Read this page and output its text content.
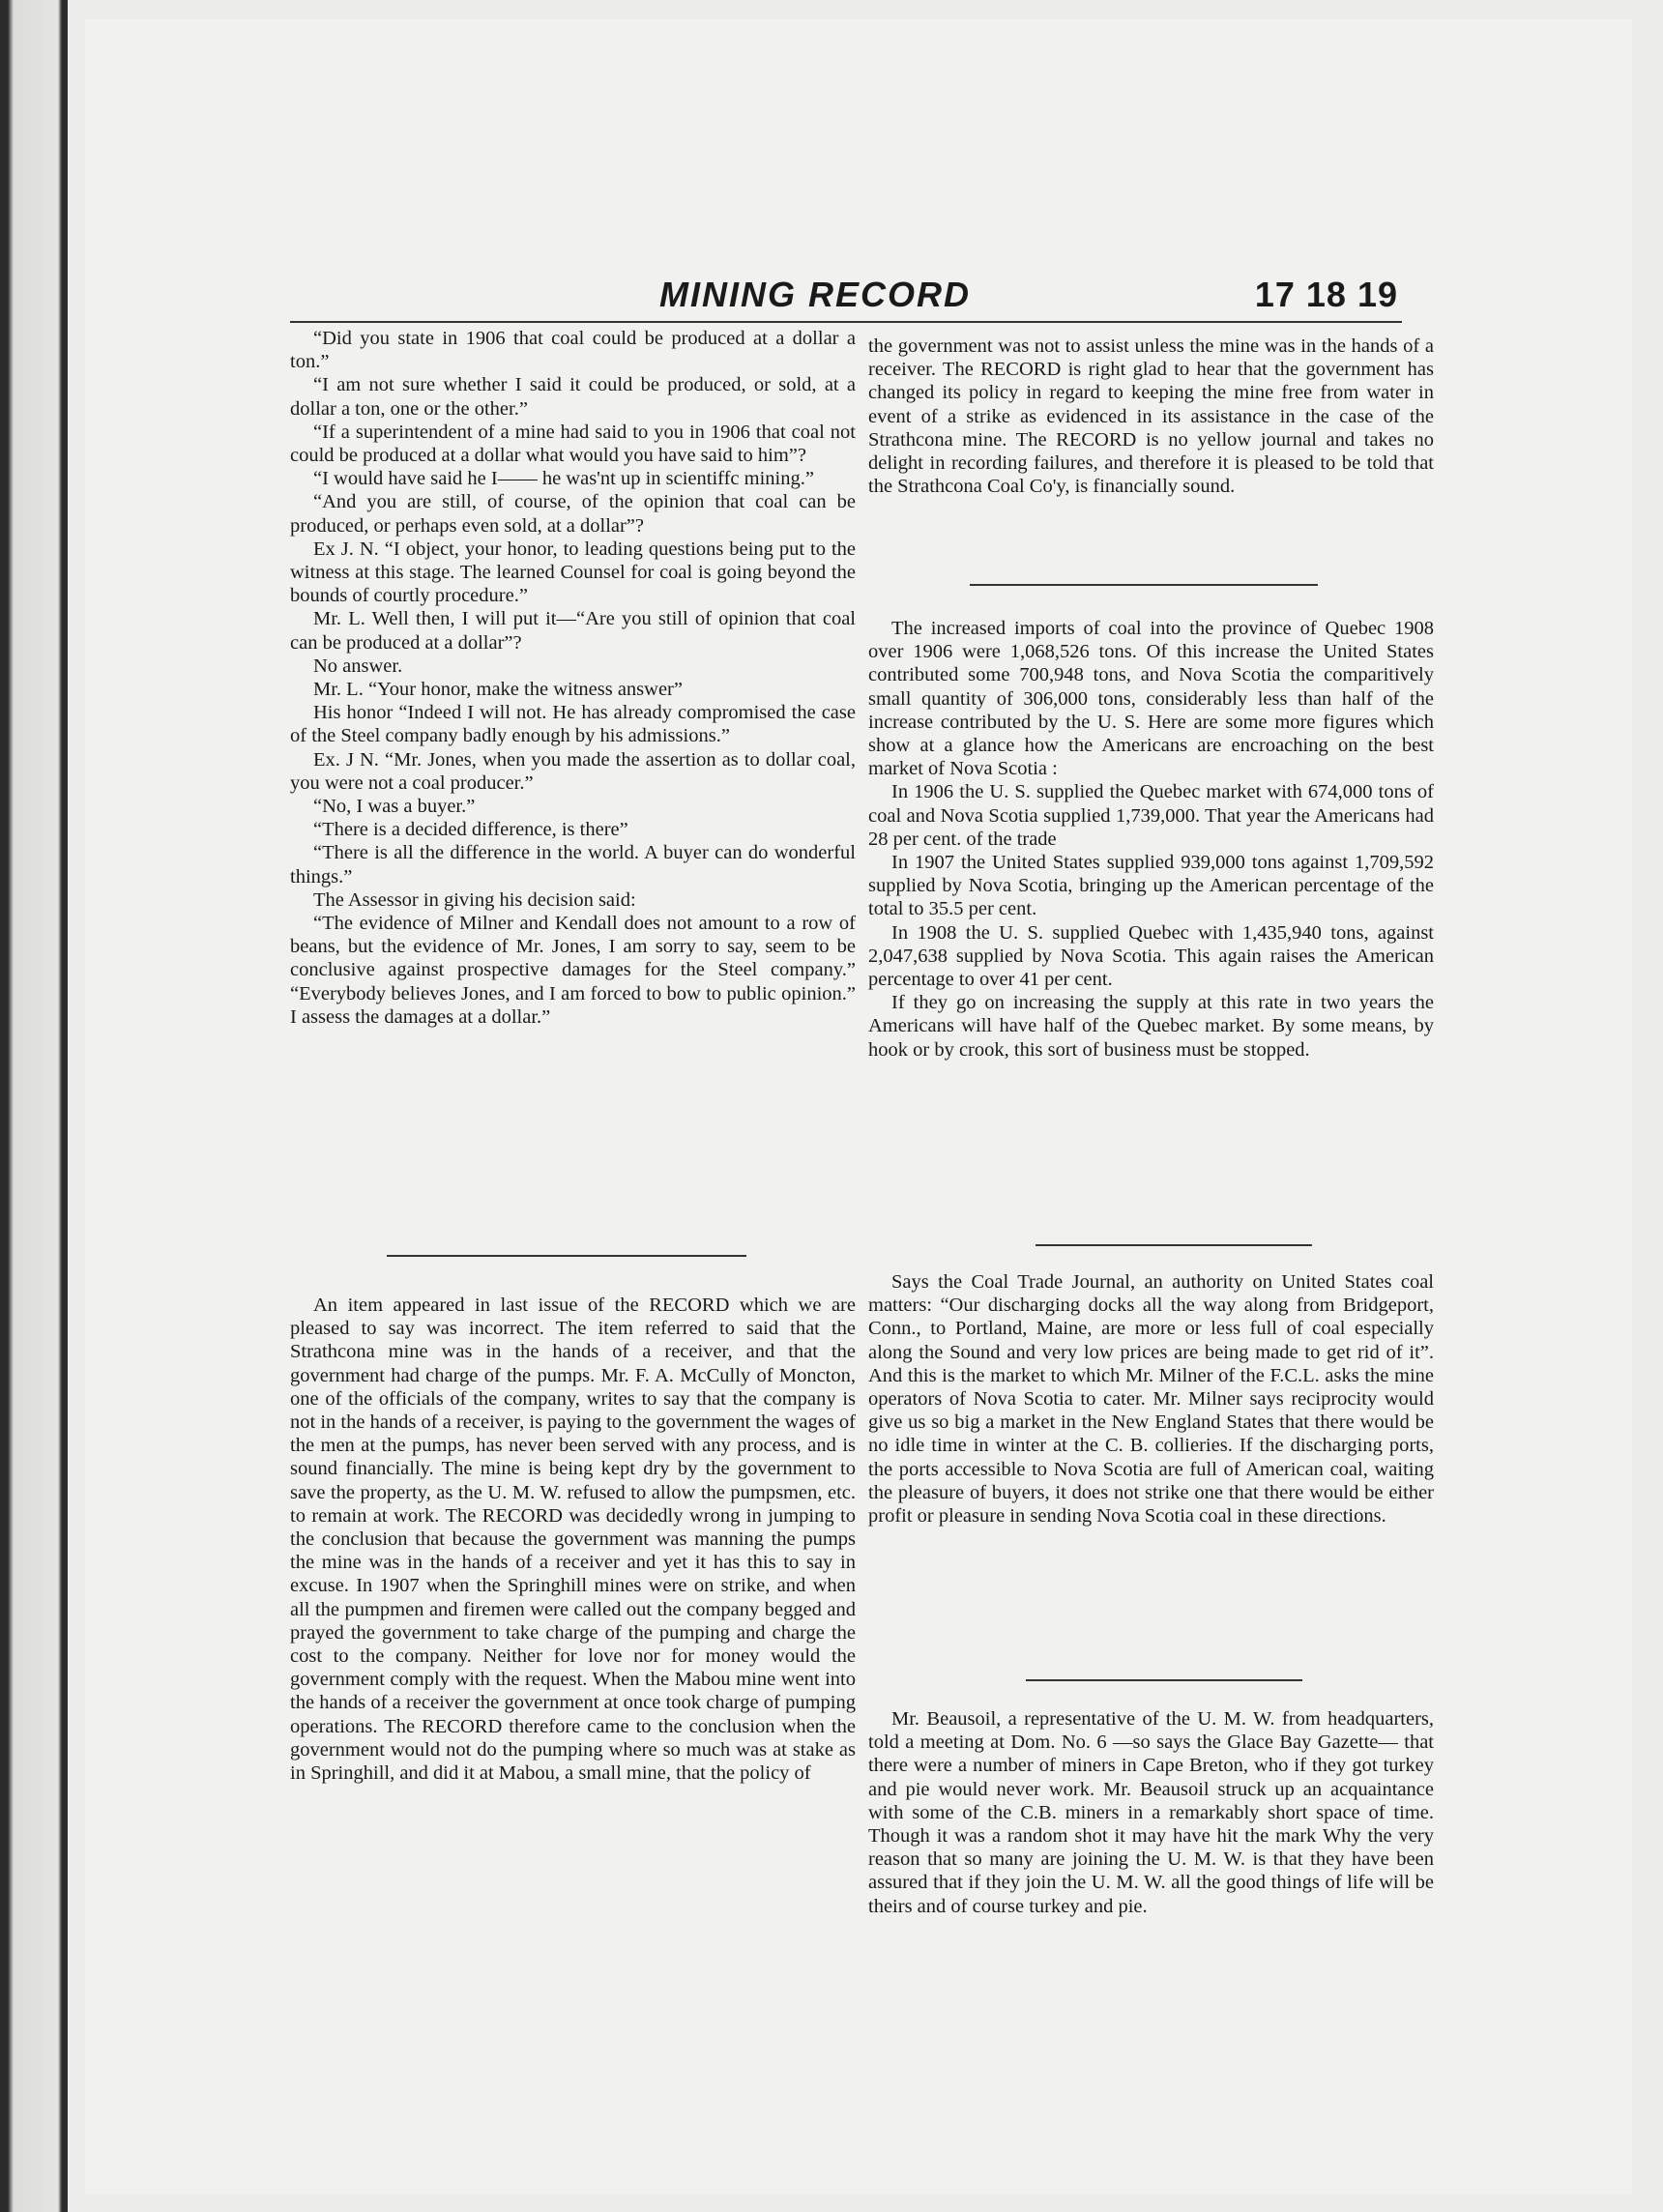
MINING RECORD	17 18 19

“Did you state in 1906 that coal could be produced at a dollar a ton.”

“I am not sure whether I said it could be produced, or sold, at a dollar a ton, one or the other.”

“If a superintendent of a mine had said to you in 1906 that coal not could be produced at a dollar what would you have said to him”?

“I would have said he I—— he was'nt up in scientiffc mining.”

“And you are still, of course, of the opinion that coal can be produced, or perhaps even sold, at a dollar”?

Ex J. N. “I object, your honor, to leading questions being put to the witness at this stage. The learned Counsel for coal is going beyond the bounds of courtly procedure.”

Mr. L. Well then, I will put it—“Are you still of opinion that coal can be produced at a dollar”?

No answer.

Mr. L. “Your honor, make the witness answer”

His honor “Indeed I will not. He has already compromised the case of the Steel company badly enough by his admissions.”

Ex. J N. “Mr. Jones, when you made the assertion as to dollar coal, you were not a coal producer.”

“No, I was a buyer.”

“There is a decided difference, is there”

“There is all the difference in the world. A buyer can do wonderful things.”

The Assessor in giving his decision said:

“The evidence of Milner and Kendall does not amount to a row of beans, but the evidence of Mr. Jones, I am sorry to say, seem to be conclusive against prospective damages for the Steel company.” “Everybody believes Jones, and I am forced to bow to public opinion.” I assess the damages at a dollar.”

An item appeared in last issue of the RECORD which we are pleased to say was incorrect. The item referred to said that the Strathcona mine was in the hands of a receiver, and that the government had charge of the pumps. Mr. F. A. McCully of Moncton, one of the officials of the company, writes to say that the company is not in the hands of a receiver, is paying to the government the wages of the men at the pumps, has never been served with any process, and is sound financially. The mine is being kept dry by the government to save the property, as the U. M. W. refused to allow the pumpsmen, etc. to remain at work. The RECORD was decidedly wrong in jumping to the conclusion that because the government was manning the pumps the mine was in the hands of a receiver and yet it has this to say in excuse. In 1907 when the Springhill mines were on strike, and when all the pumpmen and firemen were called out the company begged and prayed the government to take charge of the pumping and charge the cost to the company. Neither for love nor for money would the government comply with the request. When the Mabou mine went into the hands of a receiver the government at once took charge of pumping operations. The RECORD therefore came to the conclusion when the government would not do the pumping where so much was at stake as in Springhill, and did it at Mabou, a small mine, that the policy of

the government was not to assist unless the mine was in the hands of a receiver. The RECORD is right glad to hear that the government has changed its policy in regard to keeping the mine free from water in event of a strike as evidenced in its assistance in the case of the Strathcona mine. The RECORD is no yellow journal and takes no delight in recording failures, and therefore it is pleased to be told that the Strathcona Coal Co'y, is financially sound.

The increased imports of coal into the province of Quebec 1908 over 1906 were 1,068,526 tons. Of this increase the United States contributed some 700,948 tons, and Nova Scotia the comparitively small quantity of 306,000 tons, considerably less than half of the increase contributed by the U. S. Here are some more figures which show at a glance how the Americans are encroaching on the best market of Nova Scotia :

In 1906 the U. S. supplied the Quebec market with 674,000 tons of coal and Nova Scotia supplied 1,739,000. That year the Americans had 28 per cent. of the trade

In 1907 the United States supplied 939,000 tons against 1,709,592 supplied by Nova Scotia, bringing up the American percentage of the total to 35.5 per cent.

In 1908 the U. S. supplied Quebec with 1,435,940 tons, against 2,047,638 supplied by Nova Scotia. This again raises the American percentage to over 41 per cent.

If they go on increasing the supply at this rate in two years the Americans will have half of the Quebec market. By some means, by hook or by crook, this sort of business must be stopped.

Says the Coal Trade Journal, an authority on United States coal matters: “Our discharging docks all the way along from Bridgeport, Conn., to Portland, Maine, are more or less full of coal especially along the Sound and very low prices are being made to get rid of it”. And this is the market to which Mr. Milner of the F.C.L. asks the mine operators of Nova Scotia to cater. Mr. Milner says reciprocity would give us so big a market in the New England States that there would be no idle time in winter at the C. B. collieries. If the discharging ports, the ports accessible to Nova Scotia are full of American coal, waiting the pleasure of buyers, it does not strike one that there would be either profit or pleasure in sending Nova Scotia coal in these directions.

Mr. Beausoil, a representative of the U. M. W. from headquarters, told a meeting at Dom. No. 6 —so says the Glace Bay Gazette— that there were a number of miners in Cape Breton, who if they got turkey and pie would never work. Mr. Beausoil struck up an acquaintance with some of the C.B. miners in a remarkably short space of time. Though it was a random shot it may have hit the mark Why the very reason that so many are joining the U. M. W. is that they have been assured that if they join the U. M. W. all the good things of life will be theirs and of course turkey and pie.
